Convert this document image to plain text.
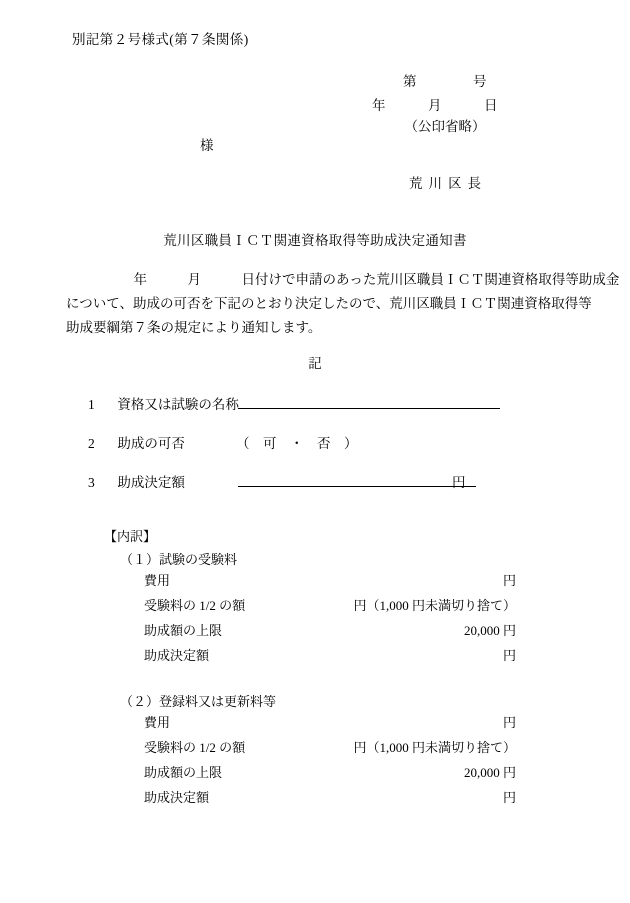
別記第２号様式(第７条関係)
第　　　　号
年　　　月　　　日
（公印省略）
様
荒川区長
荒川区職員ＩＣＴ関連資格取得等助成決定通知書
　　　　　年　　　月　　　日付けで申請のあった荒川区職員ＩＣＴ関連資格取得等助成金
について、助成の可否を下記のとおり決定したので、荒川区職員ＩＣＴ関連資格取得等
助成要綱第７条の規定により通知します。
記
1 資格又は試験の名称
2 助成の可否	（　可　・　否　）
3 助成決定額	円
【内訳】
（１）試験の受験料
費用	円
受験料の 1/2 の額	円（1,000 円未満切り捨て）
助成額の上限	20,000 円
助成決定額	円
（２）登録料又は更新料等
費用	円
受験料の 1/2 の額	円（1,000 円未満切り捨て）
助成額の上限	20,000 円
助成決定額	円
